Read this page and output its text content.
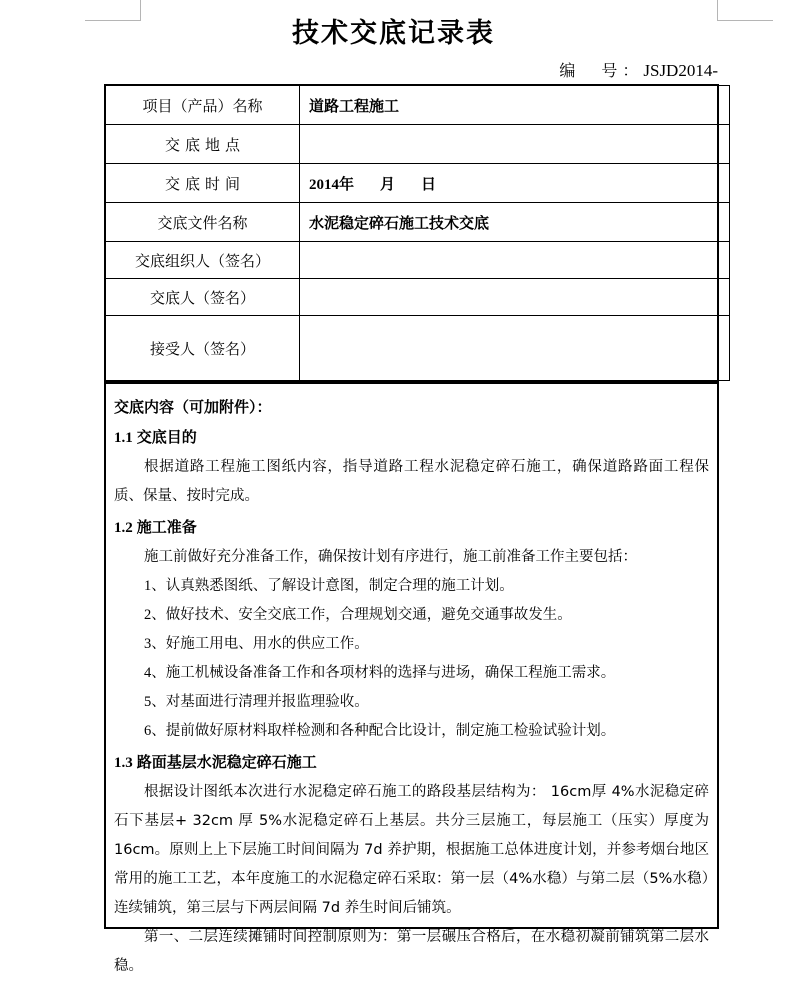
技术交底记录表
编　号：JSJD2014-
项目（产品）名称	道路工程施工
交底地点	
交底时间	2014年 月 日
交底文件名称	水泥稳定碎石施工技术交底
交底组织人（签名）	
交底人（签名）	
接受人（签名）	
交底内容（可加附件）：
1.1 交底目的

根据道路工程施工图纸内容，指导道路工程水泥稳定碎石施工，确保道路路面工程保质、保量、按时完成。

1.2 施工准备

施工前做好充分准备工作，确保按计划有序进行，施工前准备工作主要包括：

1、认真熟悉图纸、了解设计意图，制定合理的施工计划。

2、做好技术、安全交底工作，合理规划交通，避免交通事故发生。

3、好施工用电、用水的供应工作。

4、施工机械设备准备工作和各项材料的选择与进场，确保工程施工需求。

5、对基面进行清理并报监理验收。

6、提前做好原材料取样检测和各种配合比设计，制定施工检验试验计划。

1.3 路面基层水泥稳定碎石施工

根据设计图纸本次进行水泥稳定碎石施工的路段基层结构为： 16cm厚 4%水泥稳定碎石下基层+ 32cm 厚 5%水泥稳定碎石上基层。共分三层施工，每层施工（压实）厚度为 16cm。原则上上下层施工时间间隔为 7d 养护期，根据施工总体进度计划，并参考烟台地区常用的施工工艺，本年度施工的水泥稳定碎石采取：第一层（4%水稳）与第二层（5%水稳）连续铺筑，第三层与下两层间隔 7d 养生时间后铺筑。

第一、二层连续摊铺时间控制原则为：第一层碾压合格后，在水稳初凝前铺筑第二层水稳。
